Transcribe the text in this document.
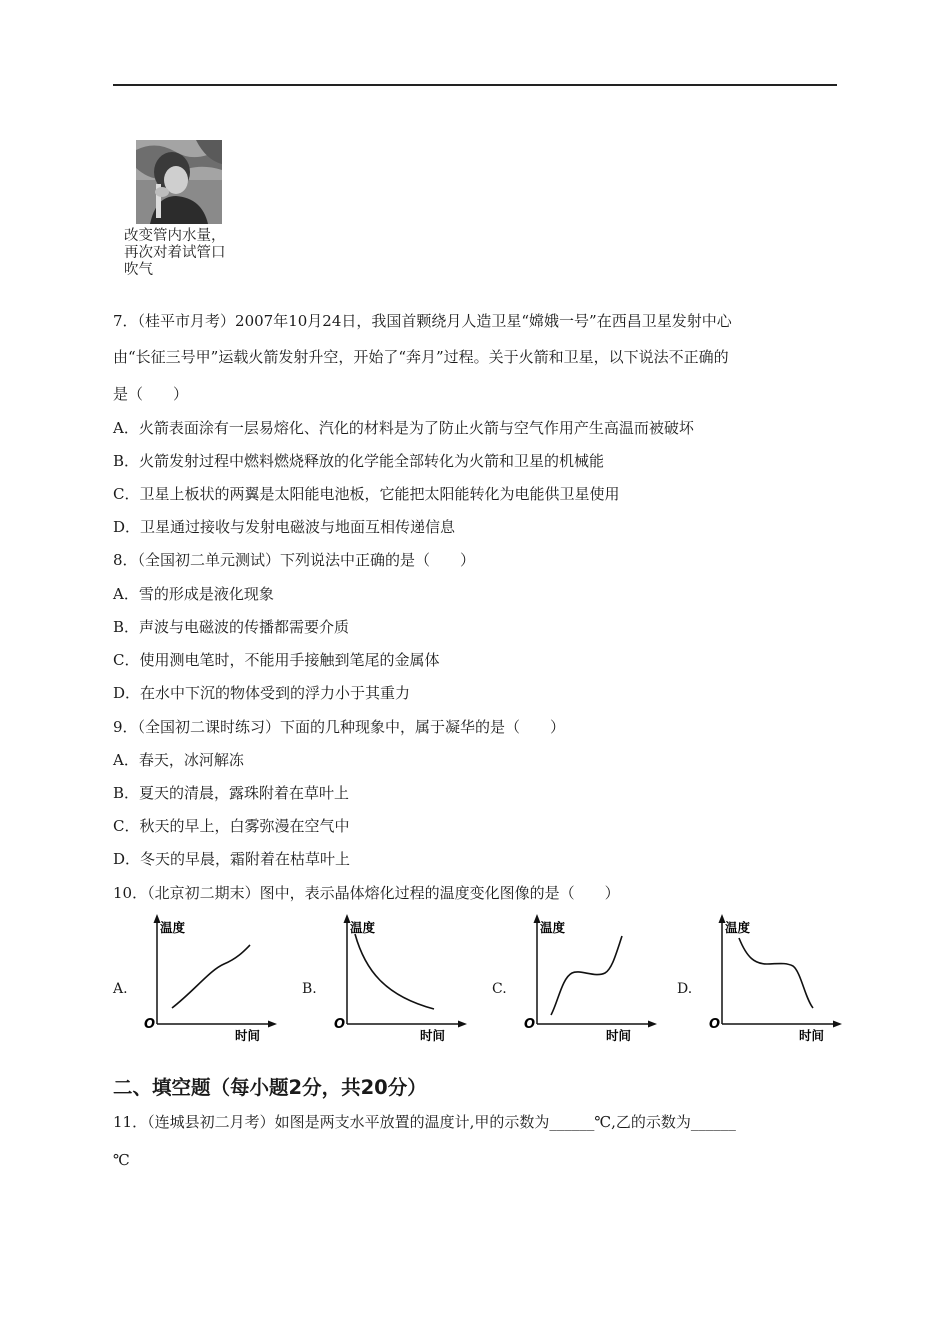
改变管内水量，
再次对着试管口
吹气
7．（桂平市月考）2007年10月24日，我国首颗绕月人造卫星“嫦娥一号”在西昌卫星发射中心
由“长征三号甲”运载火箭发射升空，开始了“奔月”过程。关于火箭和卫星，以下说法不正确的
是（　　）
A．火箭表面涂有一层易熔化、汽化的材料是为了防止火箭与空气作用产生高温而被破坏
B．火箭发射过程中燃料燃烧释放的化学能全部转化为火箭和卫星的机械能
C．卫星上板状的两翼是太阳能电池板，它能把太阳能转化为电能供卫星使用
D．卫星通过接收与发射电磁波与地面互相传递信息
8．（全国初二单元测试）下列说法中正确的是（　　）
A．雪的形成是液化现象
B．声波与电磁波的传播都需要介质
C．使用测电笔时，不能用手接触到笔尾的金属体
D．在水中下沉的物体受到的浮力小于其重力
9．（全国初二课时练习）下面的几种现象中，属于凝华的是（　　）
A．春天，冰河解冻
B．夏天的清晨，露珠附着在草叶上
C．秋天的早上，白雾弥漫在空气中
D．冬天的早晨，霜附着在枯草叶上
10．（北京初二期末）图中，表示晶体熔化过程的温度变化图像的是（　　）
A.
温度
时间
O
B.
温度
时间
O
C.
温度
时间
O
D.
温度
时间
O
二、填空题（每小题2分，共20分）
11．（连城县初二月考）如图是两支水平放置的温度计,甲的示数为______℃,乙的示数为______
℃
